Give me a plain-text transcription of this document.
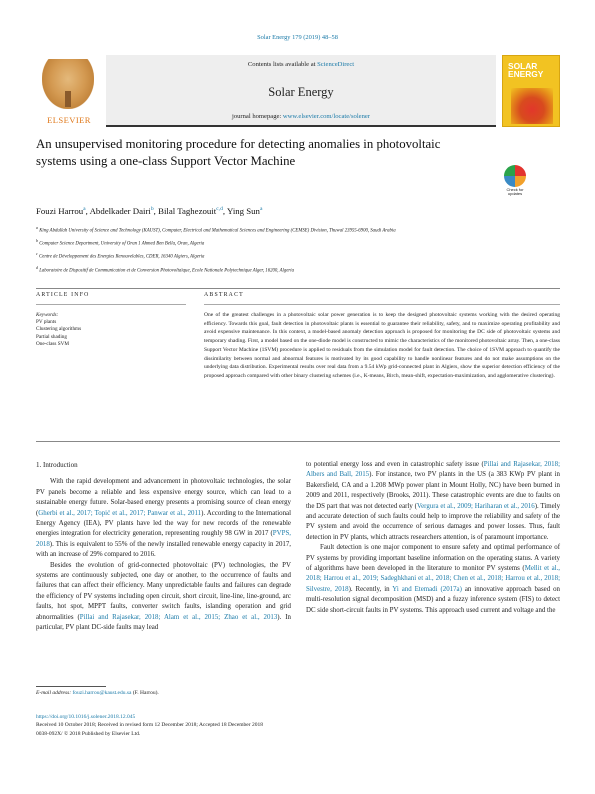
Solar Energy 179 (2019) 48–58
ELSEVIER
Contents lists available at ScienceDirect
Solar Energy
journal homepage: www.elsevier.com/locate/solener
SOLAR
ENERGY
An unsupervised monitoring procedure for detecting anomalies in photovoltaic systems using a one-class Support Vector Machine
Check for
updates
Fouzi Harrou$^a$, Abdelkader Dairi$^b$, Bilal Taghezouit$^{c,d}$, Ying Sun$^a$
$^a$ King Abdullah University of Science and Technology (KAUST), Computer, Electrical and Mathematical Sciences and Engineering (CEMSE) Division, Thuwal 23955-6900, Saudi Arabia
$^b$ Computer Science Department, University of Oran 1 Ahmed Ben Bella, Oran, Algeria
$^c$ Centre de Développement des Energies Renouvelables, CDER, 16340 Algiers, Algeria
$^d$ Laboratoire de Dispositif de Communication et de Conversion Photovoltaïque, Ecole Nationale Polytechnique Alger, 16200, Algeria
ARTICLE INFO	ABSTRACT
Keywords:
PV plants
Clustering algorithms
Partial shading
One-class SVM
One of the greatest challenges in a photovoltaic solar power generation is to keep the designed photovoltaic systems working with the desired operating efficiency. Towards this goal, fault detection in photovoltaic plants is essential to guarantee their reliability, safety, and to maximize operating profitability and avoid expensive maintenance. In this context, a model-based anomaly detection approach is proposed for monitoring the DC side of photovoltaic systems and temporary shading. First, a model based on the one-diode model is constructed to mimic the characteristics of the monitored photovoltaic array. Then, a one-class Support Vector Machine (1SVM) procedure is applied to residuals from the simulation model for fault detection. The choice of 1SVM approach to quantify the dissimilarity between normal and abnormal features is motivated by its good capability to handle nonlinear features and do not make assumptions on the underlying data distribution. Experimental results over real data from a 9.54 kWp grid-connected plant in Algiers, show the superior detection efficiency of the proposed approach compared with other binary clustering schemes (i.e., K-means, Birch, mean-shift, expectation-maximization, and agglomerative clustering).
1. Introduction

With the rapid development and advancement in photovoltaic technologies, the solar PV panels become a reliable and less expensive energy source, which can lead to a sustainable energy future. Solar-based energy presents a promising source of clean energy (Gherbi et al., 2017; Topić et al., 2017; Panwar et al., 2011). According to the International Energy Agency (IEA), PV plants have led the way for new records of the renewable energies integration for electricity generation, representing roughly 98 GW in 2017 (PVPS, 2018). This is equivalent to 55% of the newly installed renewable energy capacity in 2017, with an increase of 29% compared to 2016.

Besides the evolution of grid-connected photovoltaic (PV) technologies, the PV systems are continuously subjected, one day or another, to the occurrence of faults and failures that can affect their efficiency. Many unpredictable faults and failures can degrade the efficiency of PV systems including open circuit, short circuit, line-line, line-ground, arc faults, hot spot, MPPT faults, converter switch faults, islanding operation and grid abnormalities (Pillai and Rajasekar, 2018; Alam et al., 2015; Zhao et al., 2013). In particular, PV plant DC-side faults may lead

to potential energy loss and even in catastrophic safety issue (Pillai and Rajasekar, 2018; Albers and Ball, 2015). For instance, two PV plants in the US (a 383 KWp PV plant in Bakersfield, CA and a 1.208 MWp power plant in Mount Holly, NC) have been burned in 2009 and 2011, respectively (Brooks, 2011). These catastrophic events are due to faults on the DS part that was not detected early (Vergura et al., 2009; Hariharan et al., 2016). Timely and accurate detection of such faults could help to improve the reliability and safety of the PV system and avoid the occurrence of serious damages and power losses. Thus, fault detection in PV plants, which attracts researchers attention, is of paramount importance.

Fault detection is one major component to ensure safety and optimal performance of PV systems by providing important baseline information on the operating status. A variety of algorithms have been developed in the literature to monitor PV systems (Mellit et al., 2018; Harrou et al., 2019; Sadeghkhani et al., 2018; Chen et al., 2018; Harrou et al., 2018; Silvestre, 2018). Recently, in Yi and Etemadi (2017a) an innovative approach based on multi-resolution signal decomposition (MSD) and a fuzzy inference system (FIS) to detect DC side short-circuit faults in PV systems. This approach used current and voltage and the

E-mail address: fouzi.harrou@kaust.edu.sa (F. Harrou).
https://doi.org/10.1016/j.solener.2018.12.045
Received 10 October 2018; Received in revised form 12 December 2018; Accepted 18 December 2018
0038-092X/ © 2018 Published by Elsevier Ltd.
